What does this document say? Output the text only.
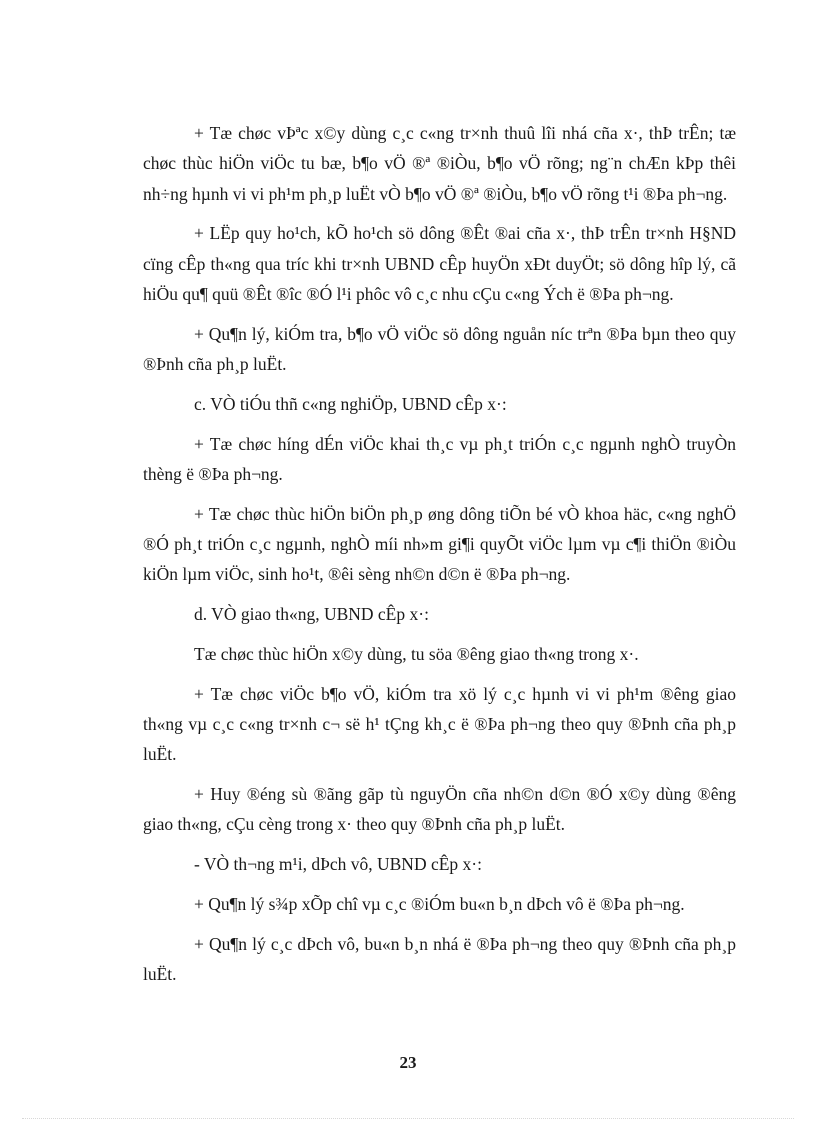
+ Tæ chøc vÞªc x©y dùng c¸c c«ng tr×nh thuû lîi nhá cña x·, thÞ trÊn; tæ chøc thùc hiÖn viÖc tu bæ, b¶o vÖ ®ª ®iÒu, b¶o vÖ rõng; ng¨n chÆn kÞp thêi nh÷ng hµnh vi vi ph¹m ph¸p luËt vÒ b¶o vÖ ®ª ®iÒu, b¶o vÖ rõng t¹i ®Þa ph¬ng.

+ LËp quy ho¹ch, kÕ ho¹ch sö dông ®Êt ®ai cña x·, thÞ trÊn tr×nh H§ND cïng cÊp th«ng qua tríc khi tr×nh UBND cÊp huyÖn xÐt duyÖt; sö dông hîp lý, cã hiÖu qu¶ quü ®Êt ®îc ®Ó l¹i phôc vô c¸c nhu cÇu c«ng Ých ë ®Þa ph¬ng.

+ Qu¶n lý, kiÓm tra, b¶o vÖ viÖc sö dông nguån níc trªn ®Þa bµn theo quy ®Þnh cña ph¸p luËt.

c. VÒ tiÓu thñ c«ng nghiÖp, UBND cÊp x·:

+ Tæ chøc híng dÉn viÖc khai th¸c vµ ph¸t triÓn c¸c ngµnh nghÒ truyÒn thèng ë ®Þa ph¬ng.

+ Tæ chøc thùc hiÖn biÖn ph¸p øng dông tiÕn bé vÒ khoa häc, c«ng nghÖ ®Ó ph¸t triÓn c¸c ngµnh, nghÒ míi nh»m gi¶i quyÕt viÖc lµm vµ c¶i thiÖn ®iÒu kiÖn lµm viÖc, sinh ho¹t, ®êi sèng nh©n d©n ë ®Þa ph¬ng.

d. VÒ giao th«ng, UBND cÊp x·:

Tæ chøc thùc hiÖn x©y dùng, tu söa ®êng giao th«ng trong x·.

+ Tæ chøc viÖc b¶o vÖ, kiÓm tra xö lý c¸c hµnh vi vi ph¹m ®êng giao th«ng vµ c¸c c«ng tr×nh c¬ së h¹ tÇng kh¸c ë ®Þa ph¬ng theo quy ®Þnh cña ph¸p luËt.

+ Huy ®éng sù ®ãng gãp tù nguyÖn cña nh©n d©n ®Ó x©y dùng ®êng giao th«ng, cÇu cèng trong x· theo quy ®Þnh cña ph¸p luËt.

- VÒ th¬ng m¹i, dÞch vô, UBND cÊp x·:

+ Qu¶n lý s¾p xÕp chî vµ c¸c ®iÓm bu«n b¸n dÞch vô ë ®Þa ph¬ng.

+ Qu¶n lý c¸c dÞch vô, bu«n b¸n nhá ë ®Þa ph¬ng theo quy ®Þnh cña ph¸p luËt.

23
